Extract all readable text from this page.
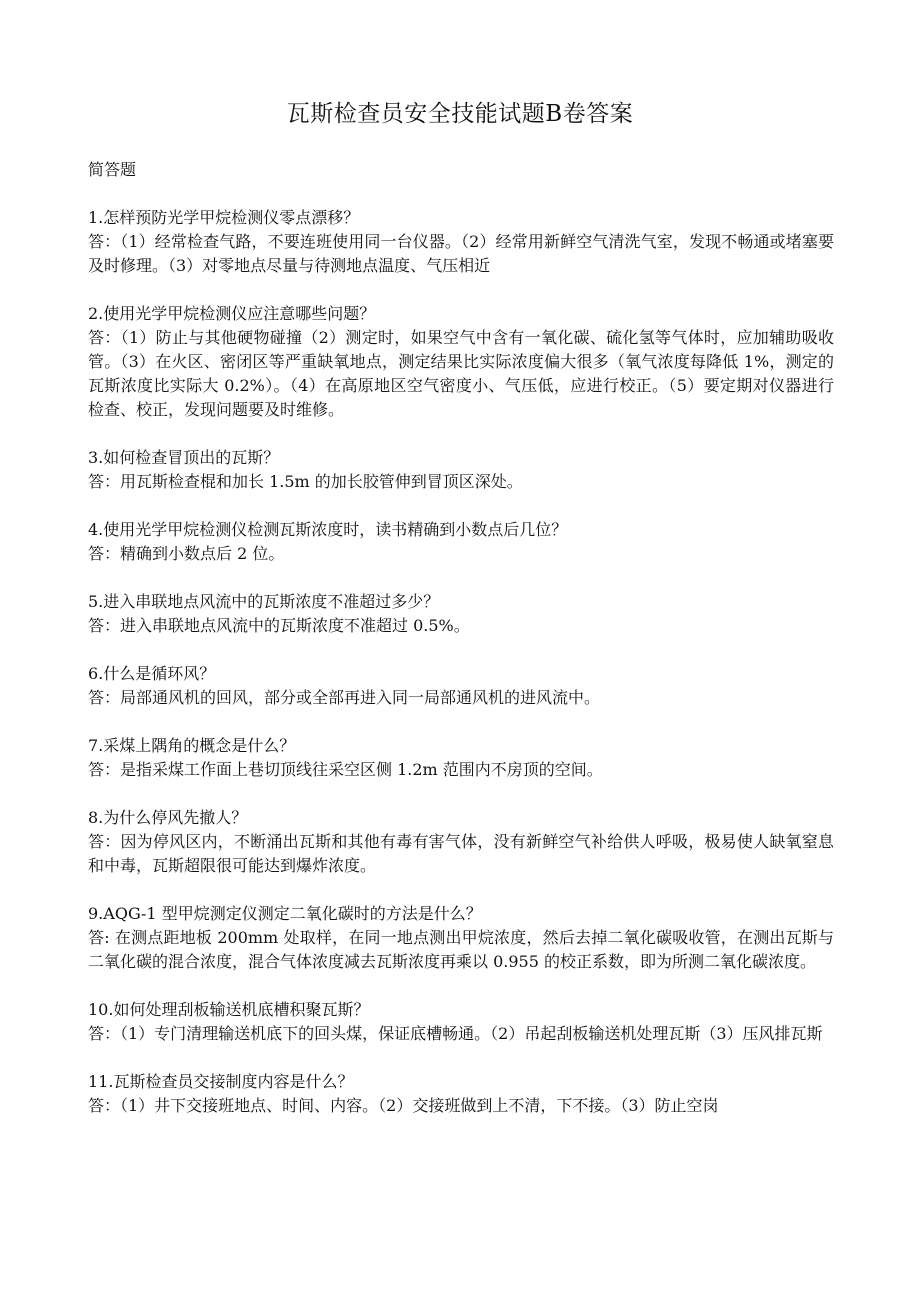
瓦斯检查员安全技能试题B卷答案
简答题

1.怎样预防光学甲烷检测仪零点漂移？

答：（1）经常检查气路，不要连班使用同一台仪器。（2）经常用新鲜空气清洗气室，发现不畅通或堵塞要及时修理。（3）对零地点尽量与待测地点温度、气压相近

2.使用光学甲烷检测仪应注意哪些问题？

答：（1）防止与其他硬物碰撞（2）测定时，如果空气中含有一氧化碳、硫化氢等气体时，应加辅助吸收管。（3）在火区、密闭区等严重缺氧地点，测定结果比实际浓度偏大很多（氧气浓度每降低 1%，测定的瓦斯浓度比实际大 0.2%）。（4）在高原地区空气密度小、气压低，应进行校正。（5）要定期对仪器进行检查、校正，发现问题要及时维修。

3.如何检查冒顶出的瓦斯？

答：用瓦斯检查棍和加长 1.5m 的加长胶管伸到冒顶区深处。

4.使用光学甲烷检测仪检测瓦斯浓度时，读书精确到小数点后几位？

答：精确到小数点后 2 位。

5.进入串联地点风流中的瓦斯浓度不准超过多少？

答：进入串联地点风流中的瓦斯浓度不准超过 0.5%。

6.什么是循环风？

答：局部通风机的回风，部分或全部再进入同一局部通风机的进风流中。

7.采煤上隅角的概念是什么？

答：是指采煤工作面上巷切顶线往采空区侧 1.2m 范围内不房顶的空间。

8.为什么停风先撤人？

答：因为停风区内，不断涌出瓦斯和其他有毒有害气体，没有新鲜空气补给供人呼吸，极易使人缺氧窒息和中毒，瓦斯超限很可能达到爆炸浓度。

9.AQG-1 型甲烷测定仪测定二氧化碳时的方法是什么？

答: 在测点距地板 200mm 处取样，在同一地点测出甲烷浓度，然后去掉二氧化碳吸收管，在测出瓦斯与二氧化碳的混合浓度，混合气体浓度减去瓦斯浓度再乘以 0.955 的校正系数，即为所测二氧化碳浓度。

10.如何处理刮板输送机底槽积聚瓦斯？

答：（1）专门清理输送机底下的回头煤，保证底槽畅通。（2）吊起刮板输送机处理瓦斯（3）压风排瓦斯

11.瓦斯检查员交接制度内容是什么？

答：（1）井下交接班地点、时间、内容。（2）交接班做到上不清，下不接。（3）防止空岗
